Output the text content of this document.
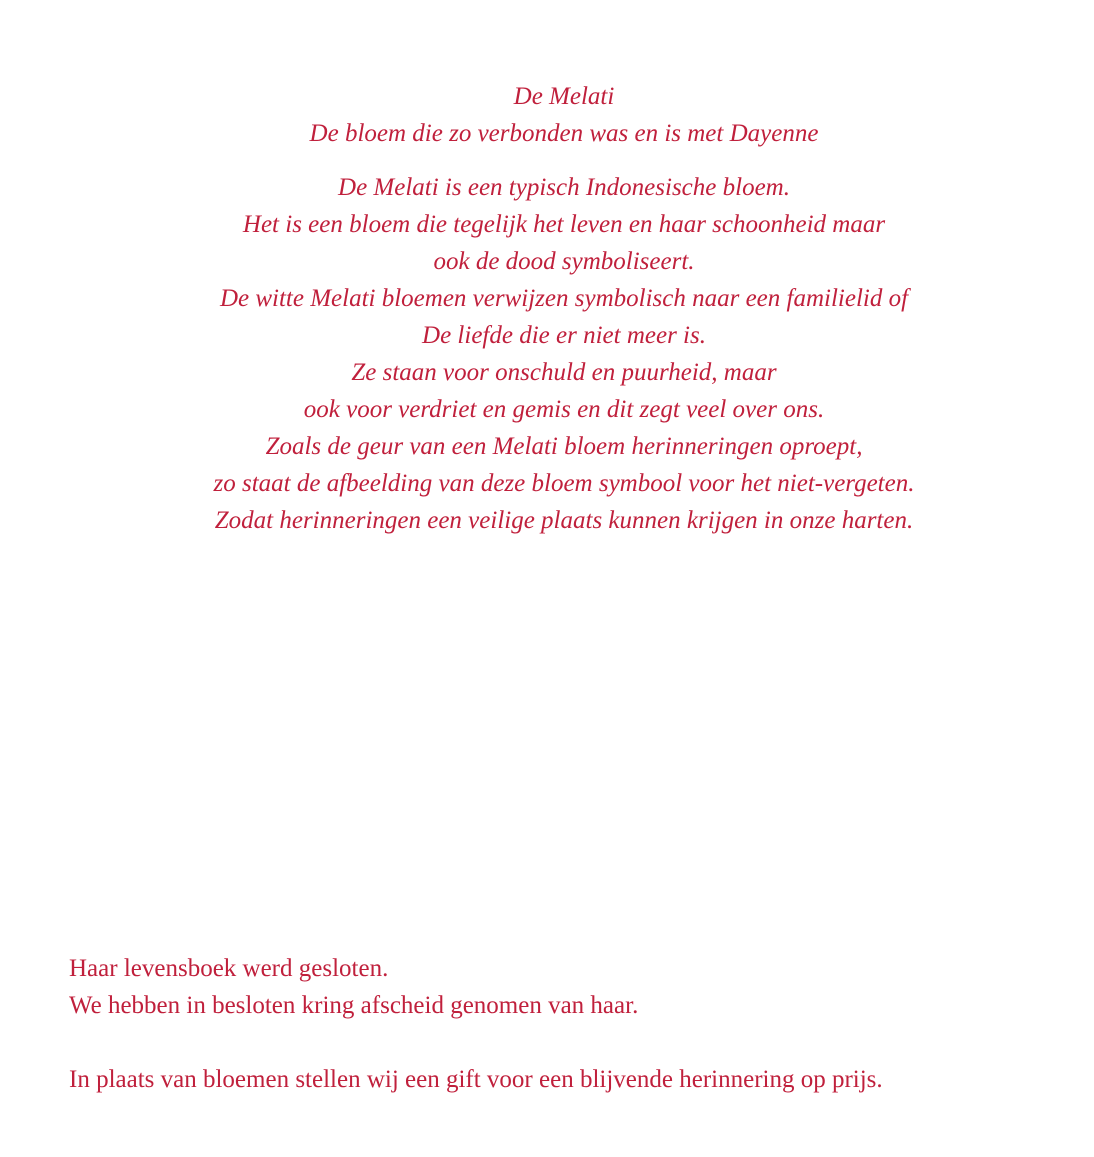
De Melati
De bloem die zo verbonden was en is met Dayenne
De Melati is een typisch Indonesische bloem.
Het is een bloem die tegelijk het leven en haar schoonheid maar
ook de dood symboliseert.
De witte Melati bloemen verwijzen symbolisch naar een familielid of
De liefde die er niet meer is.
Ze staan voor onschuld en puurheid, maar
ook voor verdriet en gemis en dit zegt veel over ons.
Zoals de geur van een Melati bloem herinneringen oproept,
zo staat de afbeelding van deze bloem symbool voor het niet-vergeten.
Zodat herinneringen een veilige plaats kunnen krijgen in onze harten.
Haar levensboek werd gesloten.
We hebben in besloten kring afscheid genomen van haar.
In plaats van bloemen stellen wij een gift voor een blijvende herinnering op prijs.
